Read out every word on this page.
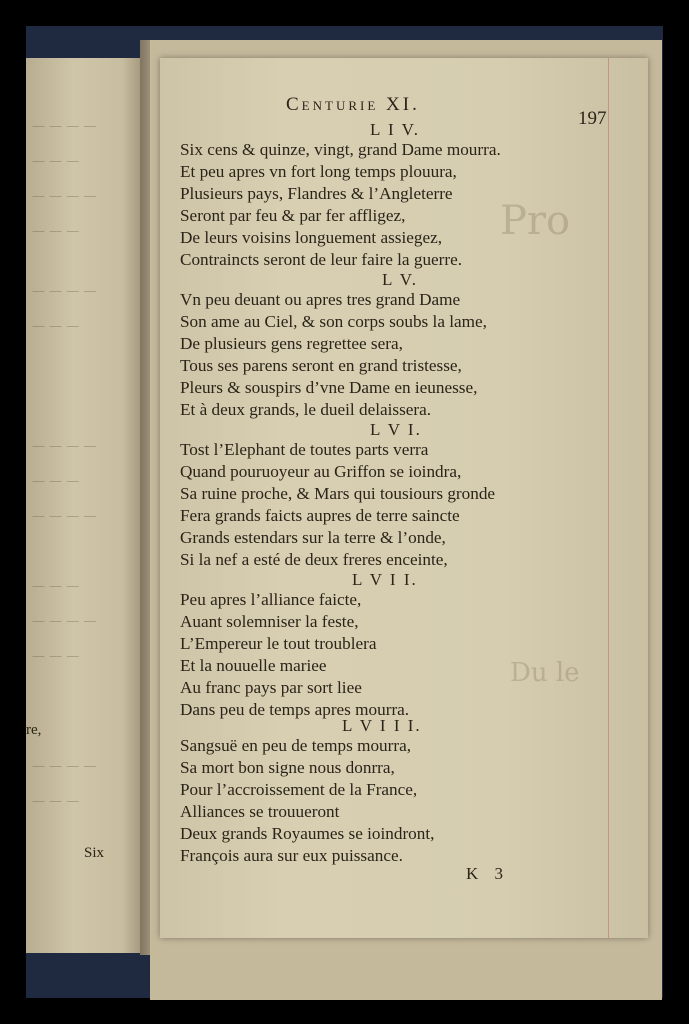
— — — —
— — —
— — — —
— — —
— — — —
— — —
— — — —
— — —
— — — —
— — —
— — — —
— — —
— — — —
— — —
re,
Pro
Du le
Centurie XI.
197
L I V.
Six cens & quinze, vingt, grand Dame mourra.
Et peu apres vn fort long temps plouura,
Plusieurs pays, Flandres & l’Angleterre
Seront par feu & par fer affligez,
De leurs voisins longuement assiegez,
Contraincts seront de leur faire la guerre.
L V.
Vn peu deuant ou apres tres grand Dame
Son ame au Ciel, & son corps soubs la lame,
De plusieurs gens regrettee sera,
Tous ses parens seront en grand tristesse,
Pleurs & souspirs d’vne Dame en ieunesse,
Et à deux grands, le dueil delaissera.
L V I.
Tost l’Elephant de toutes parts verra
Quand pouruoyeur au Griffon se ioindra,
Sa ruine proche, & Mars qui tousiours gronde
Fera grands faicts aupres de terre saincte
Grands estendars sur la terre & l’onde,
Si la nef a esté de deux freres enceinte,
L V I I.
Peu apres l’alliance faicte,
Auant solemniser la feste,
L’Empereur le tout troublera
Et la nouuelle mariee
Au franc pays par sort liee
Dans peu de temps apres mourra.
L V I I I.
Sangsuë en peu de temps mourra,
Sa mort bon signe nous donrra,
Pour l’accroissement de la France,
Alliances se trouueront
Deux grands Royaumes se ioindront,
François aura sur eux puissance.
K 3
Six
